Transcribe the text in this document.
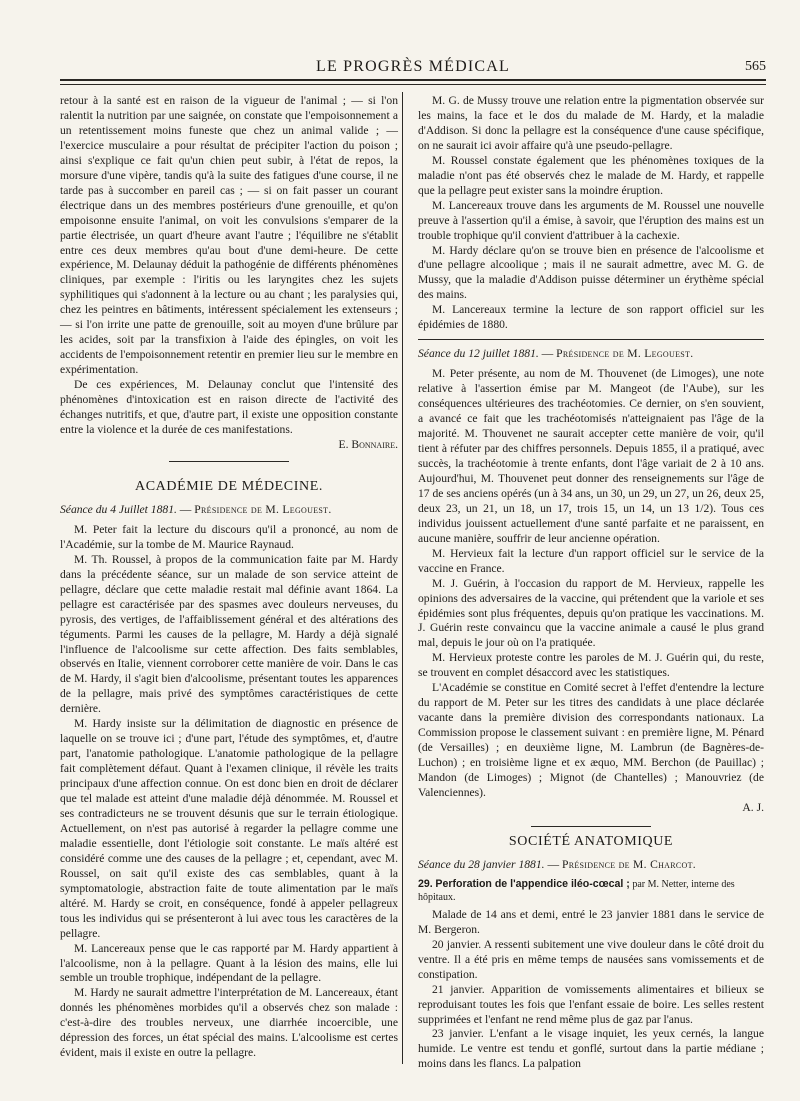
LE PROGRÈS MÉDICAL	565

retour à la santé est en raison de la vigueur de l'animal ; — si l'on ralentit la nutrition par une saignée, on constate que l'empoisonnement a un retentissement moins funeste que chez un animal valide ; — l'exercice musculaire a pour résultat de précipiter l'action du poison ; ainsi s'explique ce fait qu'un chien peut subir, à l'état de repos, la morsure d'une vipère, tandis qu'à la suite des fatigues d'une course, il ne tarde pas à succomber en pareil cas ; — si on fait passer un courant électrique dans un des membres postérieurs d'une grenouille, et qu'on empoisonne ensuite l'animal, on voit les convulsions s'emparer de la partie électrisée, un quart d'heure avant l'autre ; l'équilibre ne s'établit entre ces deux membres qu'au bout d'une demi-heure. De cette expérience, M. Delaunay déduit la pathogénie de différents phénomènes cliniques, par exemple : l'iritis ou les laryngites chez les sujets syphilitiques qui s'adonnent à la lecture ou au chant ; les paralysies qui, chez les peintres en bâtiments, intéressent spécialement les extenseurs ; — si l'on irrite une patte de grenouille, soit au moyen d'une brûlure par les acides, soit par la transfixion à l'aide des épingles, on voit les accidents de l'empoisonnement retentir en premier lieu sur le membre en expérimentation.

De ces expériences, M. Delaunay conclut que l'intensité des phénomènes d'intoxication est en raison directe de l'activité des échanges nutritifs, et que, d'autre part, il existe une opposition constante entre la violence et la durée de ces manifestations.

E. Bonnaire.

ACADÉMIE DE MÉDECINE.

Séance du 4 Juillet 1881. — Présidence de M. Legouest.

M. Peter fait la lecture du discours qu'il a prononcé, au nom de l'Académie, sur la tombe de M. Maurice Raynaud.

M. Th. Roussel, à propos de la communication faite par M. Hardy dans la précédente séance, sur un malade de son service atteint de pellagre, déclare que cette maladie restait mal définie avant 1864. La pellagre est caractérisée par des spasmes avec douleurs nerveuses, du pyrosis, des vertiges, de l'affaiblissement général et des altérations des téguments. Parmi les causes de la pellagre, M. Hardy a déjà signalé l'influence de l'alcoolisme sur cette affection. Des faits semblables, observés en Italie, viennent corroborer cette manière de voir. Dans le cas de M. Hardy, il s'agit bien d'alcoolisme, présentant toutes les apparences de la pellagre, mais privé des symptômes caractéristiques de cette dernière.

M. Hardy insiste sur la délimitation de diagnostic en présence de laquelle on se trouve ici ; d'une part, l'étude des symptômes, et, d'autre part, l'anatomie pathologique. L'anatomie pathologique de la pellagre fait complètement défaut. Quant à l'examen clinique, il révèle les traits principaux d'une affection connue. On est donc bien en droit de déclarer que tel malade est atteint d'une maladie déjà dénommée. M. Roussel et ses contradicteurs ne se trouvent désunis que sur le terrain étiologique. Actuellement, on n'est pas autorisé à regarder la pellagre comme une maladie essentielle, dont l'étiologie soit constante. Le maïs altéré est considéré comme une des causes de la pellagre ; et, cependant, avec M. Roussel, on sait qu'il existe des cas semblables, quant à la symptomatologie, abstraction faite de toute alimentation par le maïs altéré. M. Hardy se croit, en conséquence, fondé à appeler pellagreux tous les individus qui se présenteront à lui avec tous les caractères de la pellagre.

M. Lancereaux pense que le cas rapporté par M. Hardy appartient à l'alcoolisme, non à la pellagre. Quant à la lésion des mains, elle lui semble un trouble trophique, indépendant de la pellagre.

M. Hardy ne saurait admettre l'interprétation de M. Lancereaux, étant donnés les phénomènes morbides qu'il a observés chez son malade : c'est-à-dire des troubles nerveux, une diarrhée incoercible, une dépression des forces, un état spécial des mains. L'alcoolisme est certes évident, mais il existe en outre la pellagre.

M. G. de Mussy trouve une relation entre la pigmentation observée sur les mains, la face et le dos du malade de M. Hardy, et la maladie d'Addison. Si donc la pellagre est la conséquence d'une cause spécifique, on ne saurait ici avoir affaire qu'à une pseudo-pellagre.

M. Roussel constate également que les phénomènes toxiques de la maladie n'ont pas été observés chez le malade de M. Hardy, et rappelle que la pellagre peut exister sans la moindre éruption.

M. Lancereaux trouve dans les arguments de M. Roussel une nouvelle preuve à l'assertion qu'il a émise, à savoir, que l'éruption des mains est un trouble trophique qu'il convient d'attribuer à la cachexie.

M. Hardy déclare qu'on se trouve bien en présence de l'alcoolisme et d'une pellagre alcoolique ; mais il ne saurait admettre, avec M. G. de Mussy, que la maladie d'Addison puisse déterminer un érythème spécial des mains.

M. Lancereaux termine la lecture de son rapport officiel sur les épidémies de 1880.

Séance du 12 juillet 1881. — Présidence de M. Legouest.

M. Peter présente, au nom de M. Thouvenet (de Limoges), une note relative à l'assertion émise par M. Mangeot (de l'Aube), sur les conséquences ultérieures des trachéotomies. Ce dernier, on s'en souvient, a avancé ce fait que les trachéotomisés n'atteignaient pas l'âge de la majorité. M. Thouvenet ne saurait accepter cette manière de voir, qu'il tient à réfuter par des chiffres personnels. Depuis 1855, il a pratiqué, avec succès, la trachéotomie à trente enfants, dont l'âge variait de 2 à 10 ans. Aujourd'hui, M. Thouvenet peut donner des renseignements sur l'âge de 17 de ses anciens opérés (un à 34 ans, un 30, un 29, un 27, un 26, deux 25, deux 23, un 21, un 18, un 17, trois 15, un 14, un 13 1/2). Tous ces individus jouissent actuellement d'une santé parfaite et ne paraissent, en aucune manière, souffrir de leur ancienne opération.

M. Hervieux fait la lecture d'un rapport officiel sur le service de la vaccine en France.

M. J. Guérin, à l'occasion du rapport de M. Hervieux, rappelle les opinions des adversaires de la vaccine, qui prétendent que la variole et ses épidémies sont plus fréquentes, depuis qu'on pratique les vaccinations. M. J. Guérin reste convaincu que la vaccine animale a causé le plus grand mal, depuis le jour où on l'a pratiquée.

M. Hervieux proteste contre les paroles de M. J. Guérin qui, du reste, se trouvent en complet désaccord avec les statistiques.

L'Académie se constitue en Comité secret à l'effet d'entendre la lecture du rapport de M. Peter sur les titres des candidats à une place déclarée vacante dans la première division des correspondants nationaux. La Commission propose le classement suivant : en première ligne, M. Pénard (de Versailles) ; en deuxième ligne, M. Lambrun (de Bagnères-de-Luchon) ; en troisième ligne et ex æquo, MM. Berchon (de Pauillac) ; Mandon (de Limoges) ; Mignot (de Chantelles) ; Manouvriez (de Valenciennes).

A. J.

SOCIÉTÉ ANATOMIQUE

Séance du 28 janvier 1881. — Présidence de M. Charcot.

29. Perforation de l'appendice iléo-cœcal ; par M. Netter, interne des hôpitaux.

Malade de 14 ans et demi, entré le 23 janvier 1881 dans le service de M. Bergeron.

20 janvier. A ressenti subitement une vive douleur dans le côté droit du ventre. Il a été pris en même temps de nausées sans vomissements et de constipation.

21 janvier. Apparition de vomissements alimentaires et bilieux se reproduisant toutes les fois que l'enfant essaie de boire. Les selles restent supprimées et l'enfant ne rend même plus de gaz par l'anus.

23 janvier. L'enfant a le visage inquiet, les yeux cernés, la langue humide. Le ventre est tendu et gonflé, surtout dans la partie médiane ; moins dans les flancs. La palpation
